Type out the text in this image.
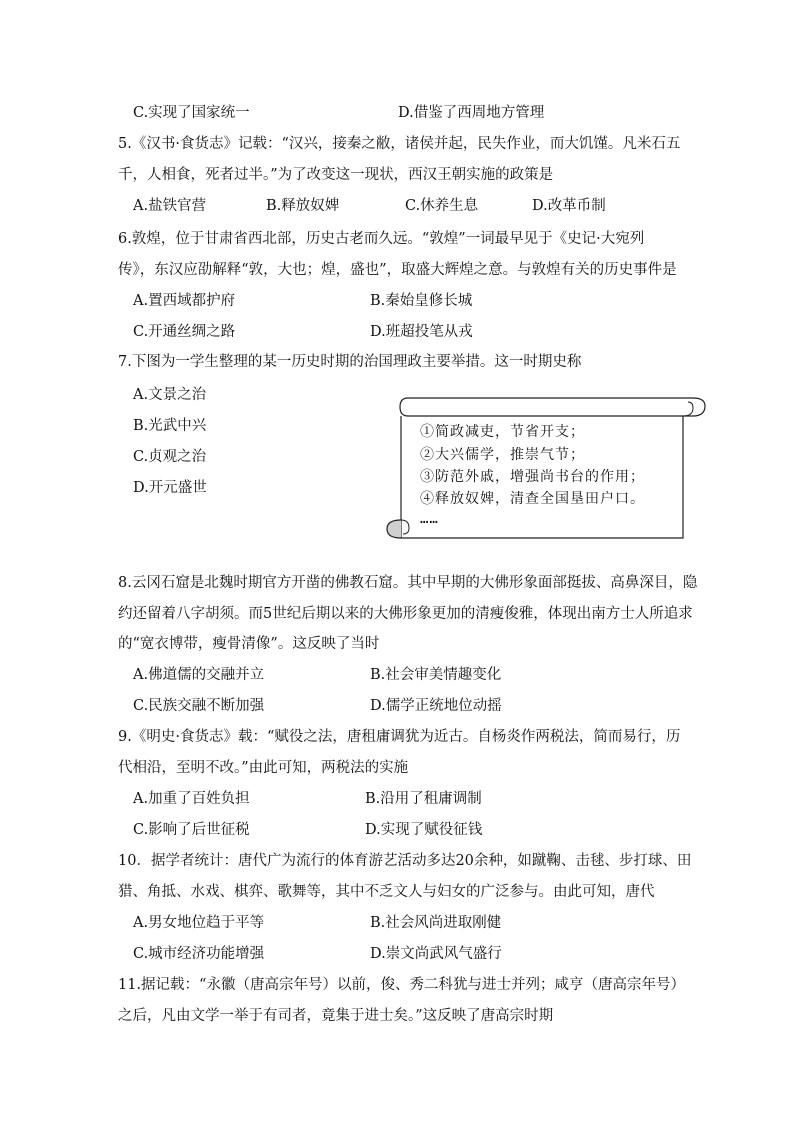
C.实现了国家统一	D.借鉴了西周地方管理
5.《汉书·食货志》记载：“汉兴，接秦之敝，诸侯并起，民失作业，而大饥馑。凡米石五
千，人相食，死者过半。”为了改变这一现状，西汉王朝实施的政策是
A.盐铁官营	B.释放奴婢	C.休养生息	D.改革币制
6.敦煌，位于甘肃省西北部，历史古老而久远。“敦煌”一词最早见于《史记·大宛列
传》，东汉应劭解释“敦，大也；煌，盛也”，取盛大辉煌之意。与敦煌有关的历史事件是
A.置西域都护府	B.秦始皇修长城
C.开通丝绸之路	D.班超投笔从戎
7.下图为一学生整理的某一历史时期的治国理政主要举措。这一时期史称
A.文景之治
B.光武中兴
C.贞观之治
D.开元盛世
①简政减吏，节省开支；
②大兴儒学，推崇气节；
③防范外戚，增强尚书台的作用；
④释放奴婢，清查全国垦田户口。
……
8.云冈石窟是北魏时期官方开凿的佛教石窟。其中早期的大佛形象面部挺拔、高鼻深目，隐
约还留着八字胡须。而5世纪后期以来的大佛形象更加的清瘦俊雅，体现出南方士人所追求
的“宽衣博带，瘦骨清像”。这反映了当时
A.佛道儒的交融并立	B.社会审美情趣变化
C.民族交融不断加强	D.儒学正统地位动摇
9.《明史·食货志》载：“赋役之法，唐租庸调犹为近古。自杨炎作两税法，简而易行，历
代相沿，至明不改。”由此可知，两税法的实施
A.加重了百姓负担	B.沿用了租庸调制
C.影响了后世征税	D.实现了赋役征钱
10．据学者统计：唐代广为流行的体育游艺活动多达20余种，如蹴鞠、击毬、步打球、田
猎、角抵、水戏、棋弈、歌舞等，其中不乏文人与妇女的广泛参与。由此可知，唐代
A.男女地位趋于平等	B.社会风尚进取刚健
C.城市经济功能增强	D.崇文尚武风气盛行
11.据记载：“永徽（唐高宗年号）以前，俊、秀二科犹与进士并列；咸亨（唐高宗年号）
之后，凡由文学一举于有司者，竟集于进士矣。”这反映了唐高宗时期
